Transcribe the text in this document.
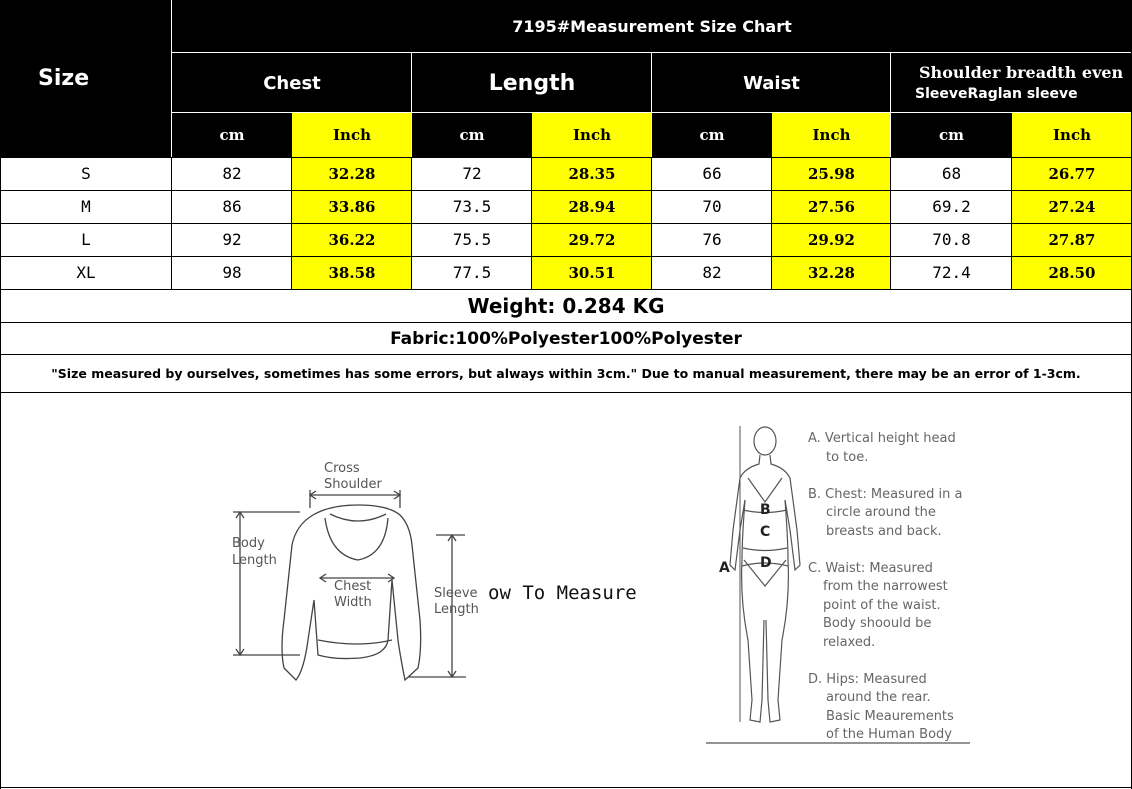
Size
7195#Measurement Size Chart
Chest	Length	Waist	Shoulder breadth even
SleeveRaglan sleeve
cm	Inch	cm	Inch	cm	Inch	cm	Inch
S	82	32.28	72	28.35	66	25.98	68	26.77
M	86	33.86	73.5	28.94	70	27.56	69.2	27.24
L	92	36.22	75.5	29.72	76	29.92	70.8	27.87
XL	98	38.58	77.5	30.51	82	32.28	72.4	28.50
Weight: 0.284 KG
Fabric:100%Polyester100%Polyester
"Size measured by ourselves, sometimes has some errors, but always within 3cm." Due to manual measurement, there may be an error of 1-3cm.
Cross
Shoulder
Body
Length
Chest
Width
Sleeve
Length
ow To Measure
A
B
C
D
A. Vertical height head
to toe.
B. Chest: Measured in a
circle around the
breasts and back.
C. Waist: Measured
from the narrowest
point of the waist.
Body shoould be
relaxed.
D. Hips: Measured
around the rear.
Basic Meaurements
of the Human Body
